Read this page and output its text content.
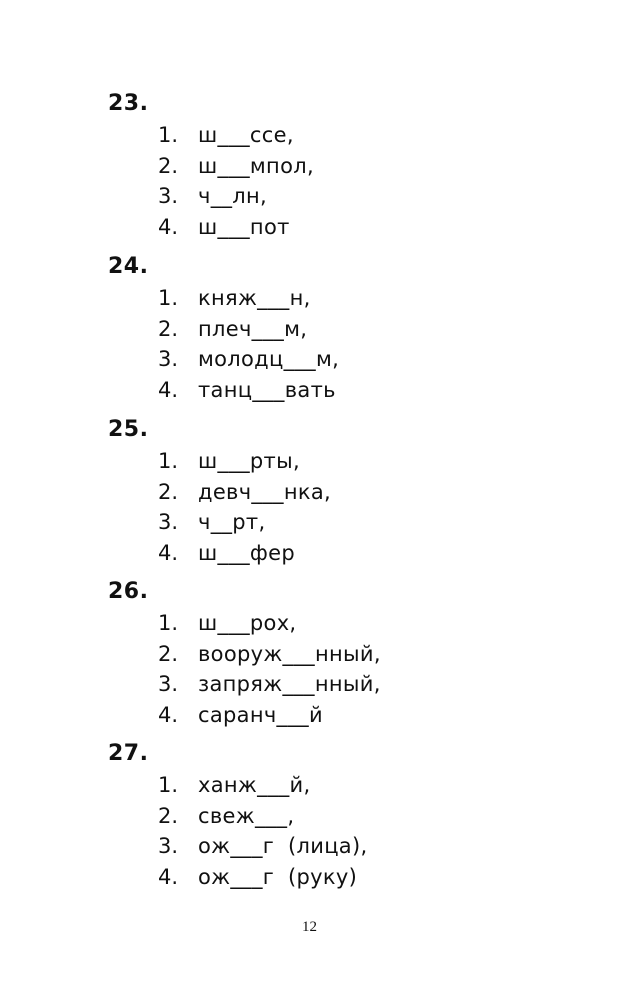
23.
1. ш___ссе,
2. ш___мпол,
3. ч__лн,
4. ш___пот
24.
1. княж___н,
2. плеч___м,
3. молодц___м,
4. танц___вать
25.
1. ш___рты,
2. девч___нка,
3. ч__рт,
4. ш___фер
26.
1. ш___рох,
2. вооруж___нный,
3. запряж___нный,
4. саранч___й
27.
1. ханж___й,
2. свеж___,
3. ож___г  (лица),
4. ож___г  (руку)
12
